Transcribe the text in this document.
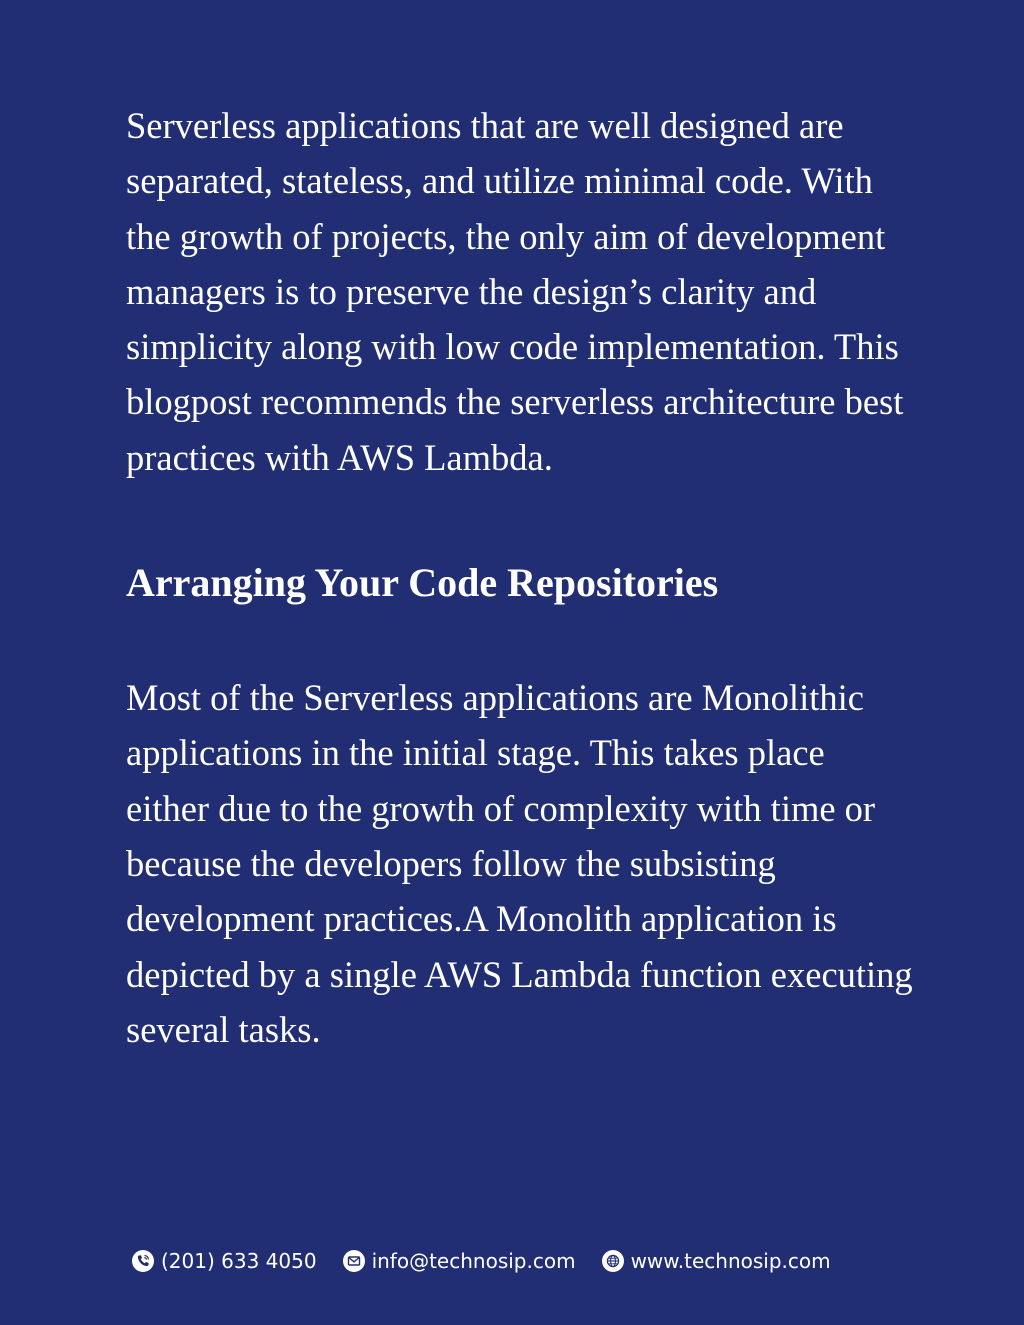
Serverless applications that are well designed are separated, stateless, and utilize minimal code. With the growth of projects, the only aim of development managers is to preserve the design’s clarity and simplicity along with low code implementation. This blogpost recommends the serverless architecture best practices with AWS Lambda.

Arranging Your Code Repositories

Most of the Serverless applications are Monolithic applications in the initial stage. This takes place either due to the growth of complexity with time or because the developers follow the subsisting development practices.A Monolith application is depicted by a single AWS Lambda function executing several tasks.

(201) 633 4050	info@technosip.com	www.technosip.com
